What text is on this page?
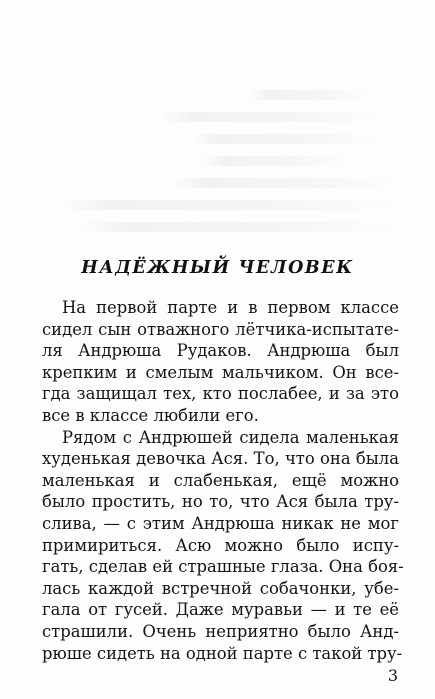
НАДЁЖНЫЙ ЧЕЛОВЕК

На первой парте и в первом классе

сидел сын отважного лётчика-испытате-

ля Андрюша Рудаков. Андрюша был

крепким и смелым мальчиком. Он все-

гда защищал тех, кто послабее, и за это

все в классе любили его.

Рядом с Андрюшей сидела маленькая

худенькая девочка Ася. То, что она была

маленькая и слабенькая, ещё можно

было простить, но то, что Ася была тру-

слива, — с этим Андрюша никак не мог

примириться. Асю можно было испу-

гать, сделав ей страшные глаза. Она боя-

лась каждой встречной собачонки, убе-

гала от гусей. Даже муравьи — и те её

страшили. Очень неприятно было Анд-

рюше сидеть на одной парте с такой тру-

3
